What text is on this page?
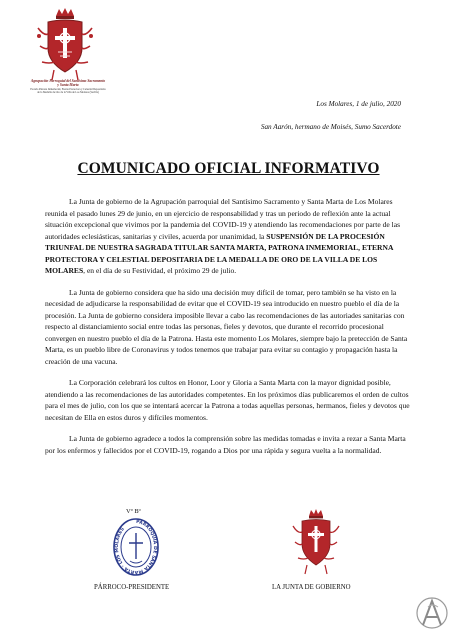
Agrupación Parroquial del Santísimo Sacramento
y Santa Marta
Escudo Patrona Inmemorial, Eterna Protectora y Celestial Depositaria de la Medalla de Oro de la Villa de Los Molares (Sevilla)
Los Molares, 1 de julio, 2020
San Aarón, hermano de Moisés, Sumo Sacerdote
COMUNICADO OFICIAL INFORMATIVO

La Junta de gobierno de la Agrupación parroquial del Santísimo Sacramento y Santa Marta de Los Molares reunida el pasado lunes 29 de junio, en un ejercicio de responsabilidad y tras un periodo de reflexión ante la actual situación excepcional que vivimos por la pandemia del COVID-19 y atendiendo las recomendaciones por parte de las autoridades eclesiásticas, sanitarias y civiles, acuerda por unanimidad, la SUSPENSIÓN DE LA PROCESIÓN TRIUNFAL DE NUESTRA SAGRADA TITULAR SANTA MARTA, PATRONA INMEMORIAL, ETERNA PROTECTORA Y CELESTIAL DEPOSITARIA DE LA MEDALLA DE ORO DE LA VILLA DE LOS MOLARES, en el día de su Festividad, el próximo 29 de julio.

La Junta de gobierno considera que ha sido una decisión muy difícil de tomar, pero también se ha visto en la necesidad de adjudicarse la responsabilidad de evitar que el COVID-19 sea introducido en nuestro pueblo el día de la procesión. La Junta de gobierno considera imposible llevar a cabo las recomendaciones de las autoriades sanitarias con respecto al distanciamiento social entre todas las personas, fieles y devotos, que durante el recorrido procesional convergen en nuestro pueblo el día de la Patrona. Hasta este momento Los Molares, siempre bajo la pretección de Santa Marta, es un pueblo libre de Coronavirus y todos tenemos que trabajar para evitar su contagio y propagación hasta la creación de una vacuna.

La Corporación celebrará los cultos en Honor, Loor y Gloria a Santa Marta con la mayor dignidad posible, atendiendo a las recomendaciones de las autoridades competentes. En los próximos días publicaremos el orden de cultos para el mes de julio, con los que se intentará acercar la Patrona a todas aquellas personas, hermanos, fieles y devotos que necesitan de Ella en estos duros y difíciles momentos.

La Junta de gobierno agradece a todos la comprensión sobre las medidas tomadas e invita a rezar a Santa Marta por los enfermos y fallecidos por el COVID-19, rogando a Dios por una rápida y segura vuelta a la normalidad.

Vº Bº
PARROQUIA DE SANTA MARTA · LOS MOLARES
PÁRROCO-PRESIDENTE	LA JUNTA DE GOBIERNO
